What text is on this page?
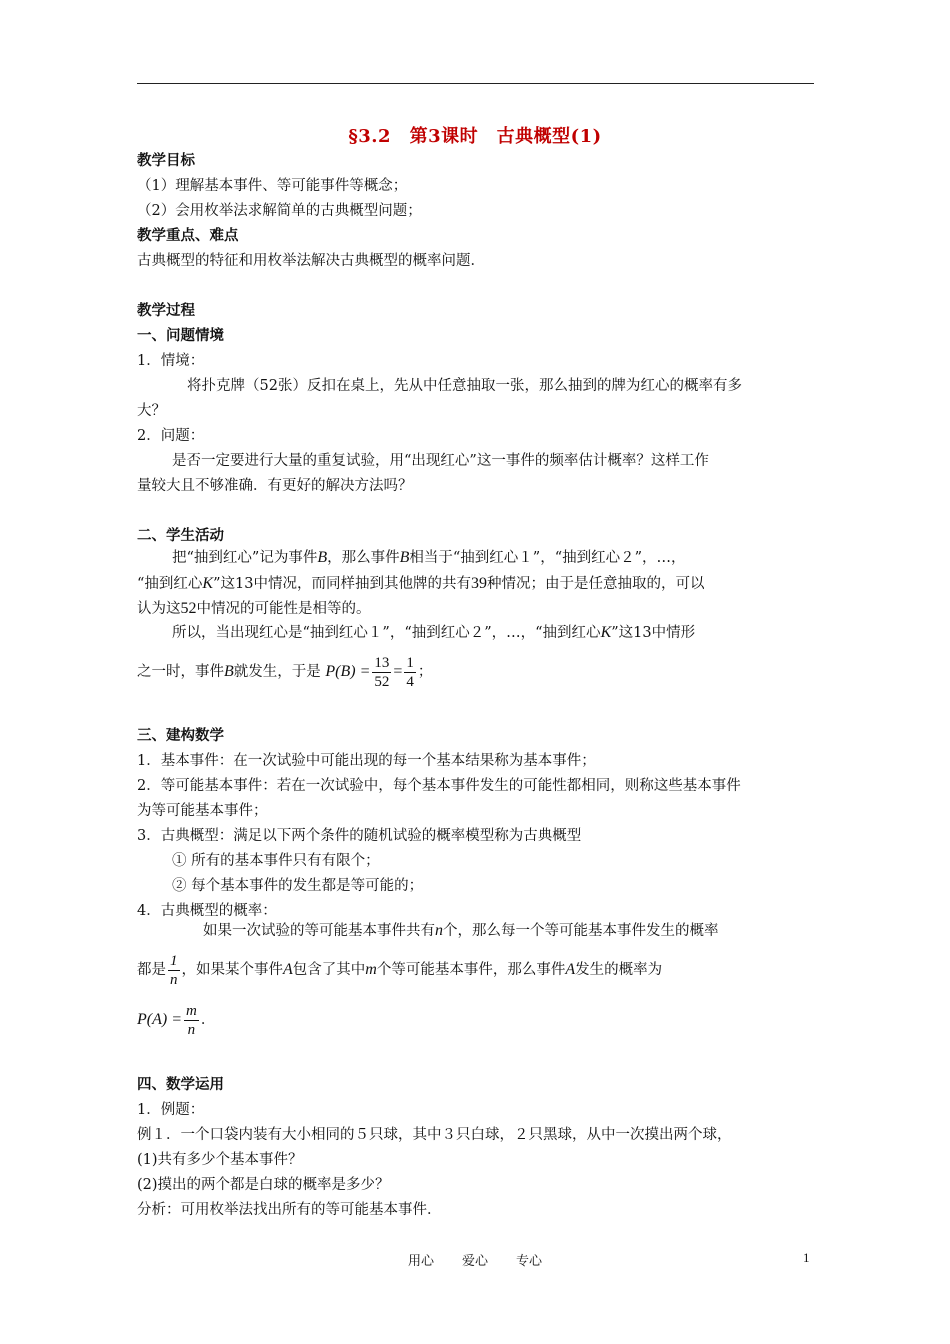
§3.2　第3课时　古典概型(1)
教学目标
（1）理解基本事件、等可能事件等概念；
（2）会用枚举法求解简单的古典概型问题；
教学重点、难点
古典概型的特征和用枚举法解决古典概型的概率问题．
教学过程
一、问题情境
1．情境：
将扑克牌（52张）反扣在桌上，先从中任意抽取一张，那么抽到的牌为红心的概率有多
大？
2．问题：
是否一定要进行大量的重复试验，用“出现红心”这一事件的频率估计概率？这样工作
量较大且不够准确．有更好的解决方法吗？
二、学生活动
把“抽到红心”记为事件B，那么事件B相当于“抽到红心１”，“抽到红心２”，…，
“抽到红心K”这13中情况，而同样抽到其他牌的共有39种情况；由于是任意抽取的，可以
认为这52中情况的可能性是相等的。
所以，当出现红心是“抽到红心１”，“抽到红心２”，…，“抽到红心K”这13中情形
之一时，事件B就发生，于是 $P(B) = \frac{13}{52} = \frac{1}{4}$ ；
三、建构数学
1．基本事件：在一次试验中可能出现的每一个基本结果称为基本事件；
2．等可能基本事件：若在一次试验中，每个基本事件发生的可能性都相同，则称这些基本事件
为等可能基本事件；
3．古典概型：满足以下两个条件的随机试验的概率模型称为古典概型
① 所有的基本事件只有有限个；
② 每个基本事件的发生都是等可能的；
4．古典概型的概率：
如果一次试验的等可能基本事件共有n个，那么每一个等可能基本事件发生的概率
都是 $\frac{1}{n}$ ，如果某个事件A包含了其中m个等可能基本事件，那么事件A发生的概率为
$P(A) = \frac{m}{n}$ ．
四、数学运用
1．例题：
例１．一个口袋内装有大小相同的５只球，其中３只白球，２只黑球，从中一次摸出两个球，
(1)共有多少个基本事件？
(2)摸出的两个都是白球的概率是多少？
分析：可用枚举法找出所有的等可能基本事件．
用心 爱心 专心	1
